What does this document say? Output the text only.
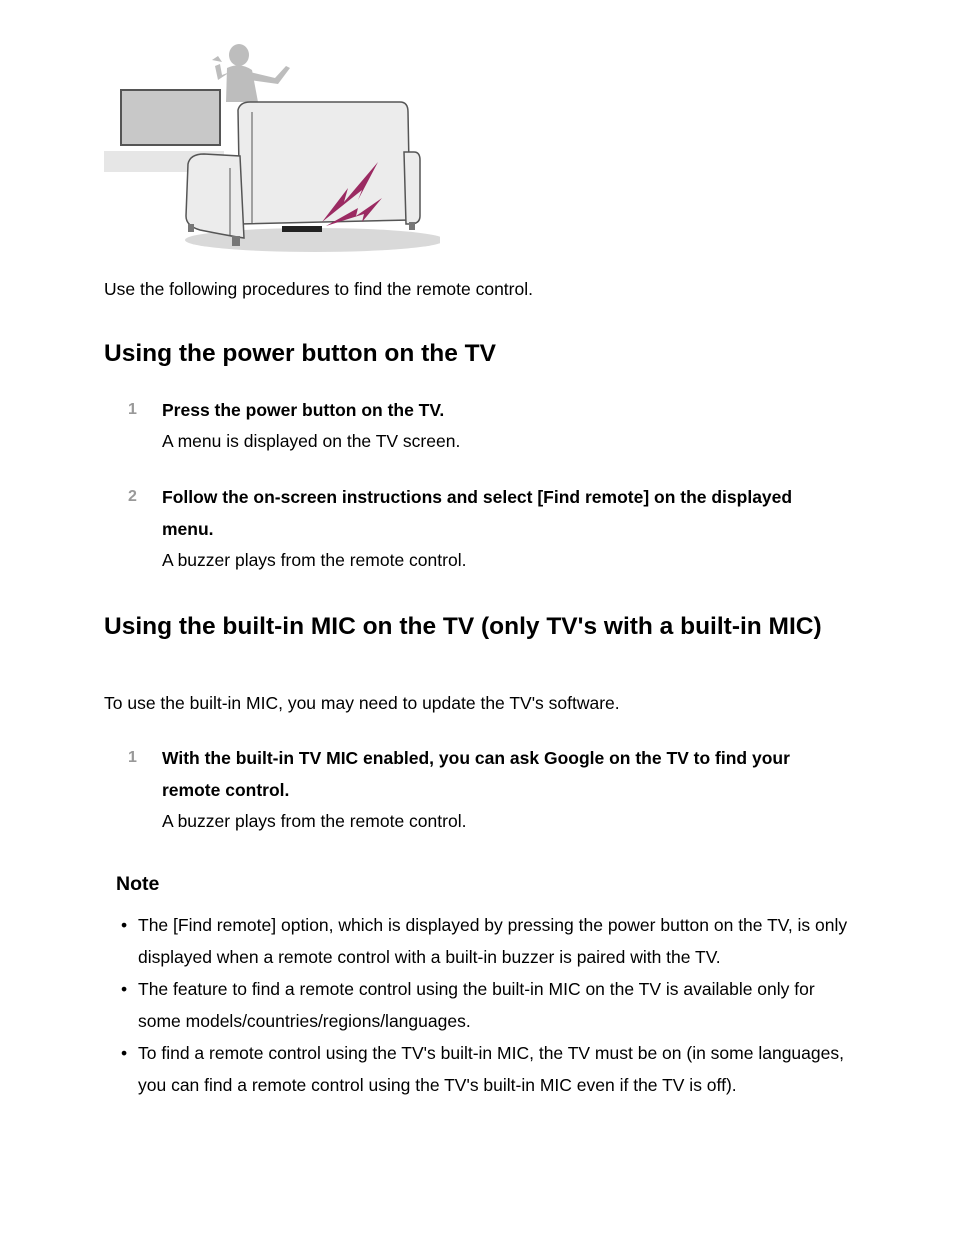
Use the following procedures to find the remote control.
Using the power button on the TV
1 Press the power button on the TV.
A menu is displayed on the TV screen.
2 Follow the on-screen instructions and select [Find remote] on the displayed menu.
A buzzer plays from the remote control.
Using the built-in MIC on the TV (only TV's with a built-in MIC)
To use the built-in MIC, you may need to update the TV's software.
1 With the built-in TV MIC enabled, you can ask Google on the TV to find your remote control.
A buzzer plays from the remote control.
Note
• The [Find remote] option, which is displayed by pressing the power button on the TV, is only displayed when a remote control with a built-in buzzer is paired with the TV.
• The feature to find a remote control using the built-in MIC on the TV is available only for some models/countries/regions/languages.
• To find a remote control using the TV's built-in MIC, the TV must be on (in some languages, you can find a remote control using the TV's built-in MIC even if the TV is off).
